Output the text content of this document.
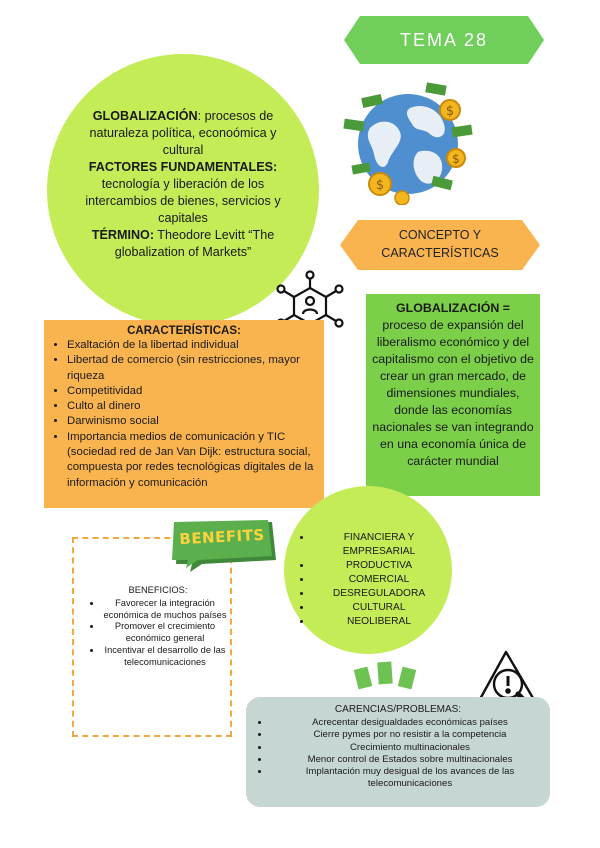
TEMA 28
GLOBALIZACIÓN: procesos de naturaleza política, econoómica y cultural
FACTORES FUNDAMENTALES:
tecnología y liberación de los intercambios de bienes, servicios y capitales
TÉRMINO: Theodore Levitt “The globalization of Markets”
$
$
$
CONCEPTO Y CARACTERÍSTICAS
CARACTERÍSTICAS:
• Exaltación de la libertad individual
• Libertad de comercio (sin restricciones, mayor riqueza
• Competitividad
• Culto al dinero
• Darwinismo social
• Importancia medios de comunicación y TIC (sociedad red de Jan Van Dijk: estructura social, compuesta por redes tecnológicas digitales de la información y comunicación
GLOBALIZACIÓN =
proceso de expansión del liberalismo económico y del capitalismo con el objetivo de crear un gran mercado, de dimensiones mundiales, donde las economías nacionales se van integrando en una economía única de carácter mundial
BENEFITS
BENEFICIOS:
• Favorecer la integración económica de muchos países
• Promover el crecimiento económico general
• Incentivar el desarrollo de las telecomunicaciones
• FINANCIERA Y EMPRESARIAL
• PRODUCTIVA
• COMERCIAL
• DESREGULADORA
• CULTURAL
• NEOLIBERAL
CARENCIAS/PROBLEMAS:
• Acrecentar desigualdades económicas países
• Cierre pymes por no resistir a la competencia
• Crecimiento multinacionales
• Menor control de Estados sobre multinacionales
• Implantación muy desigual de los avances de las telecomunicaciones
